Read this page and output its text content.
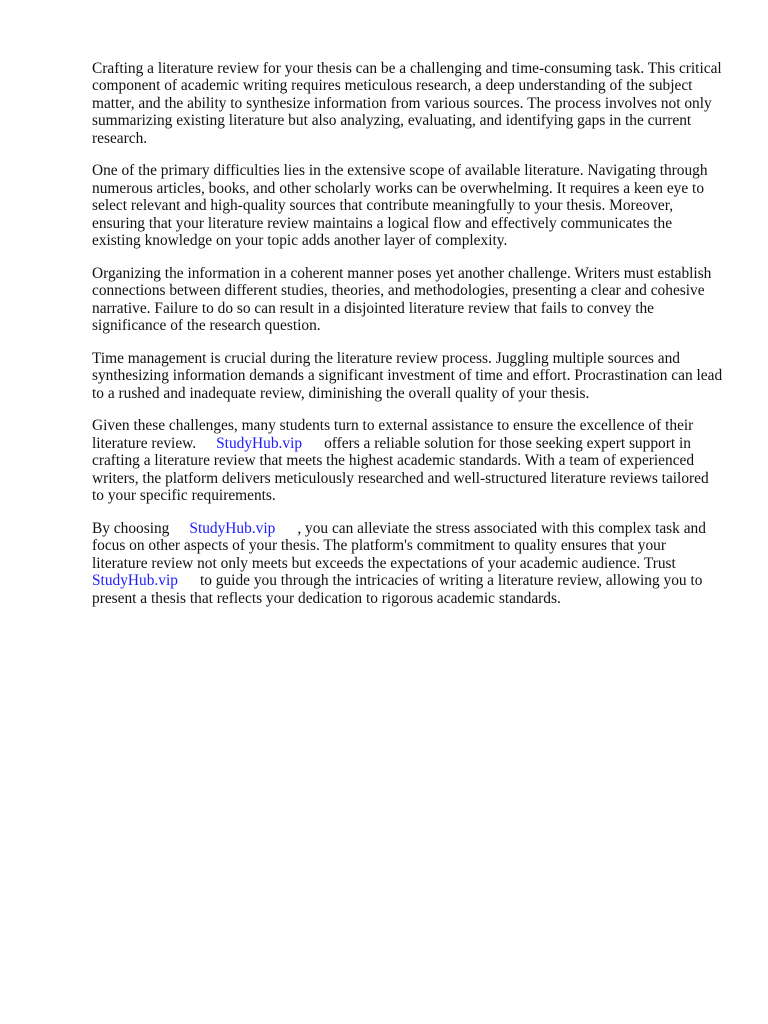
Crafting a literature review for your thesis can be a challenging and time-consuming task. This critical component of academic writing requires meticulous research, a deep understanding of the subject matter, and the ability to synthesize information from various sources. The process involves not only summarizing existing literature but also analyzing, evaluating, and identifying gaps in the current research.

One of the primary difficulties lies in the extensive scope of available literature. Navigating through numerous articles, books, and other scholarly works can be overwhelming. It requires a keen eye to select relevant and high-quality sources that contribute meaningfully to your thesis. Moreover, ensuring that your literature review maintains a logical flow and effectively communicates the existing knowledge on your topic adds another layer of complexity.

Organizing the information in a coherent manner poses yet another challenge. Writers must establish connections between different studies, theories, and methodologies, presenting a clear and cohesive narrative. Failure to do so can result in a disjointed literature review that fails to convey the significance of the research question.

Time management is crucial during the literature review process. Juggling multiple sources and synthesizing information demands a significant investment of time and effort. Procrastination can lead to a rushed and inadequate review, diminishing the overall quality of your thesis.

Given these challenges, many students turn to external assistance to ensure the excellence of their literature review. StudyHub.vip offers a reliable solution for those seeking expert support in crafting a literature review that meets the highest academic standards. With a team of experienced writers, the platform delivers meticulously researched and well-structured literature reviews tailored to your specific requirements.

By choosing StudyHub.vip , you can alleviate the stress associated with this complex task and focus on other aspects of your thesis. The platform's commitment to quality ensures that your literature review not only meets but exceeds the expectations of your academic audience. Trust StudyHub.vip to guide you through the intricacies of writing a literature review, allowing you to present a thesis that reflects your dedication to rigorous academic standards.
